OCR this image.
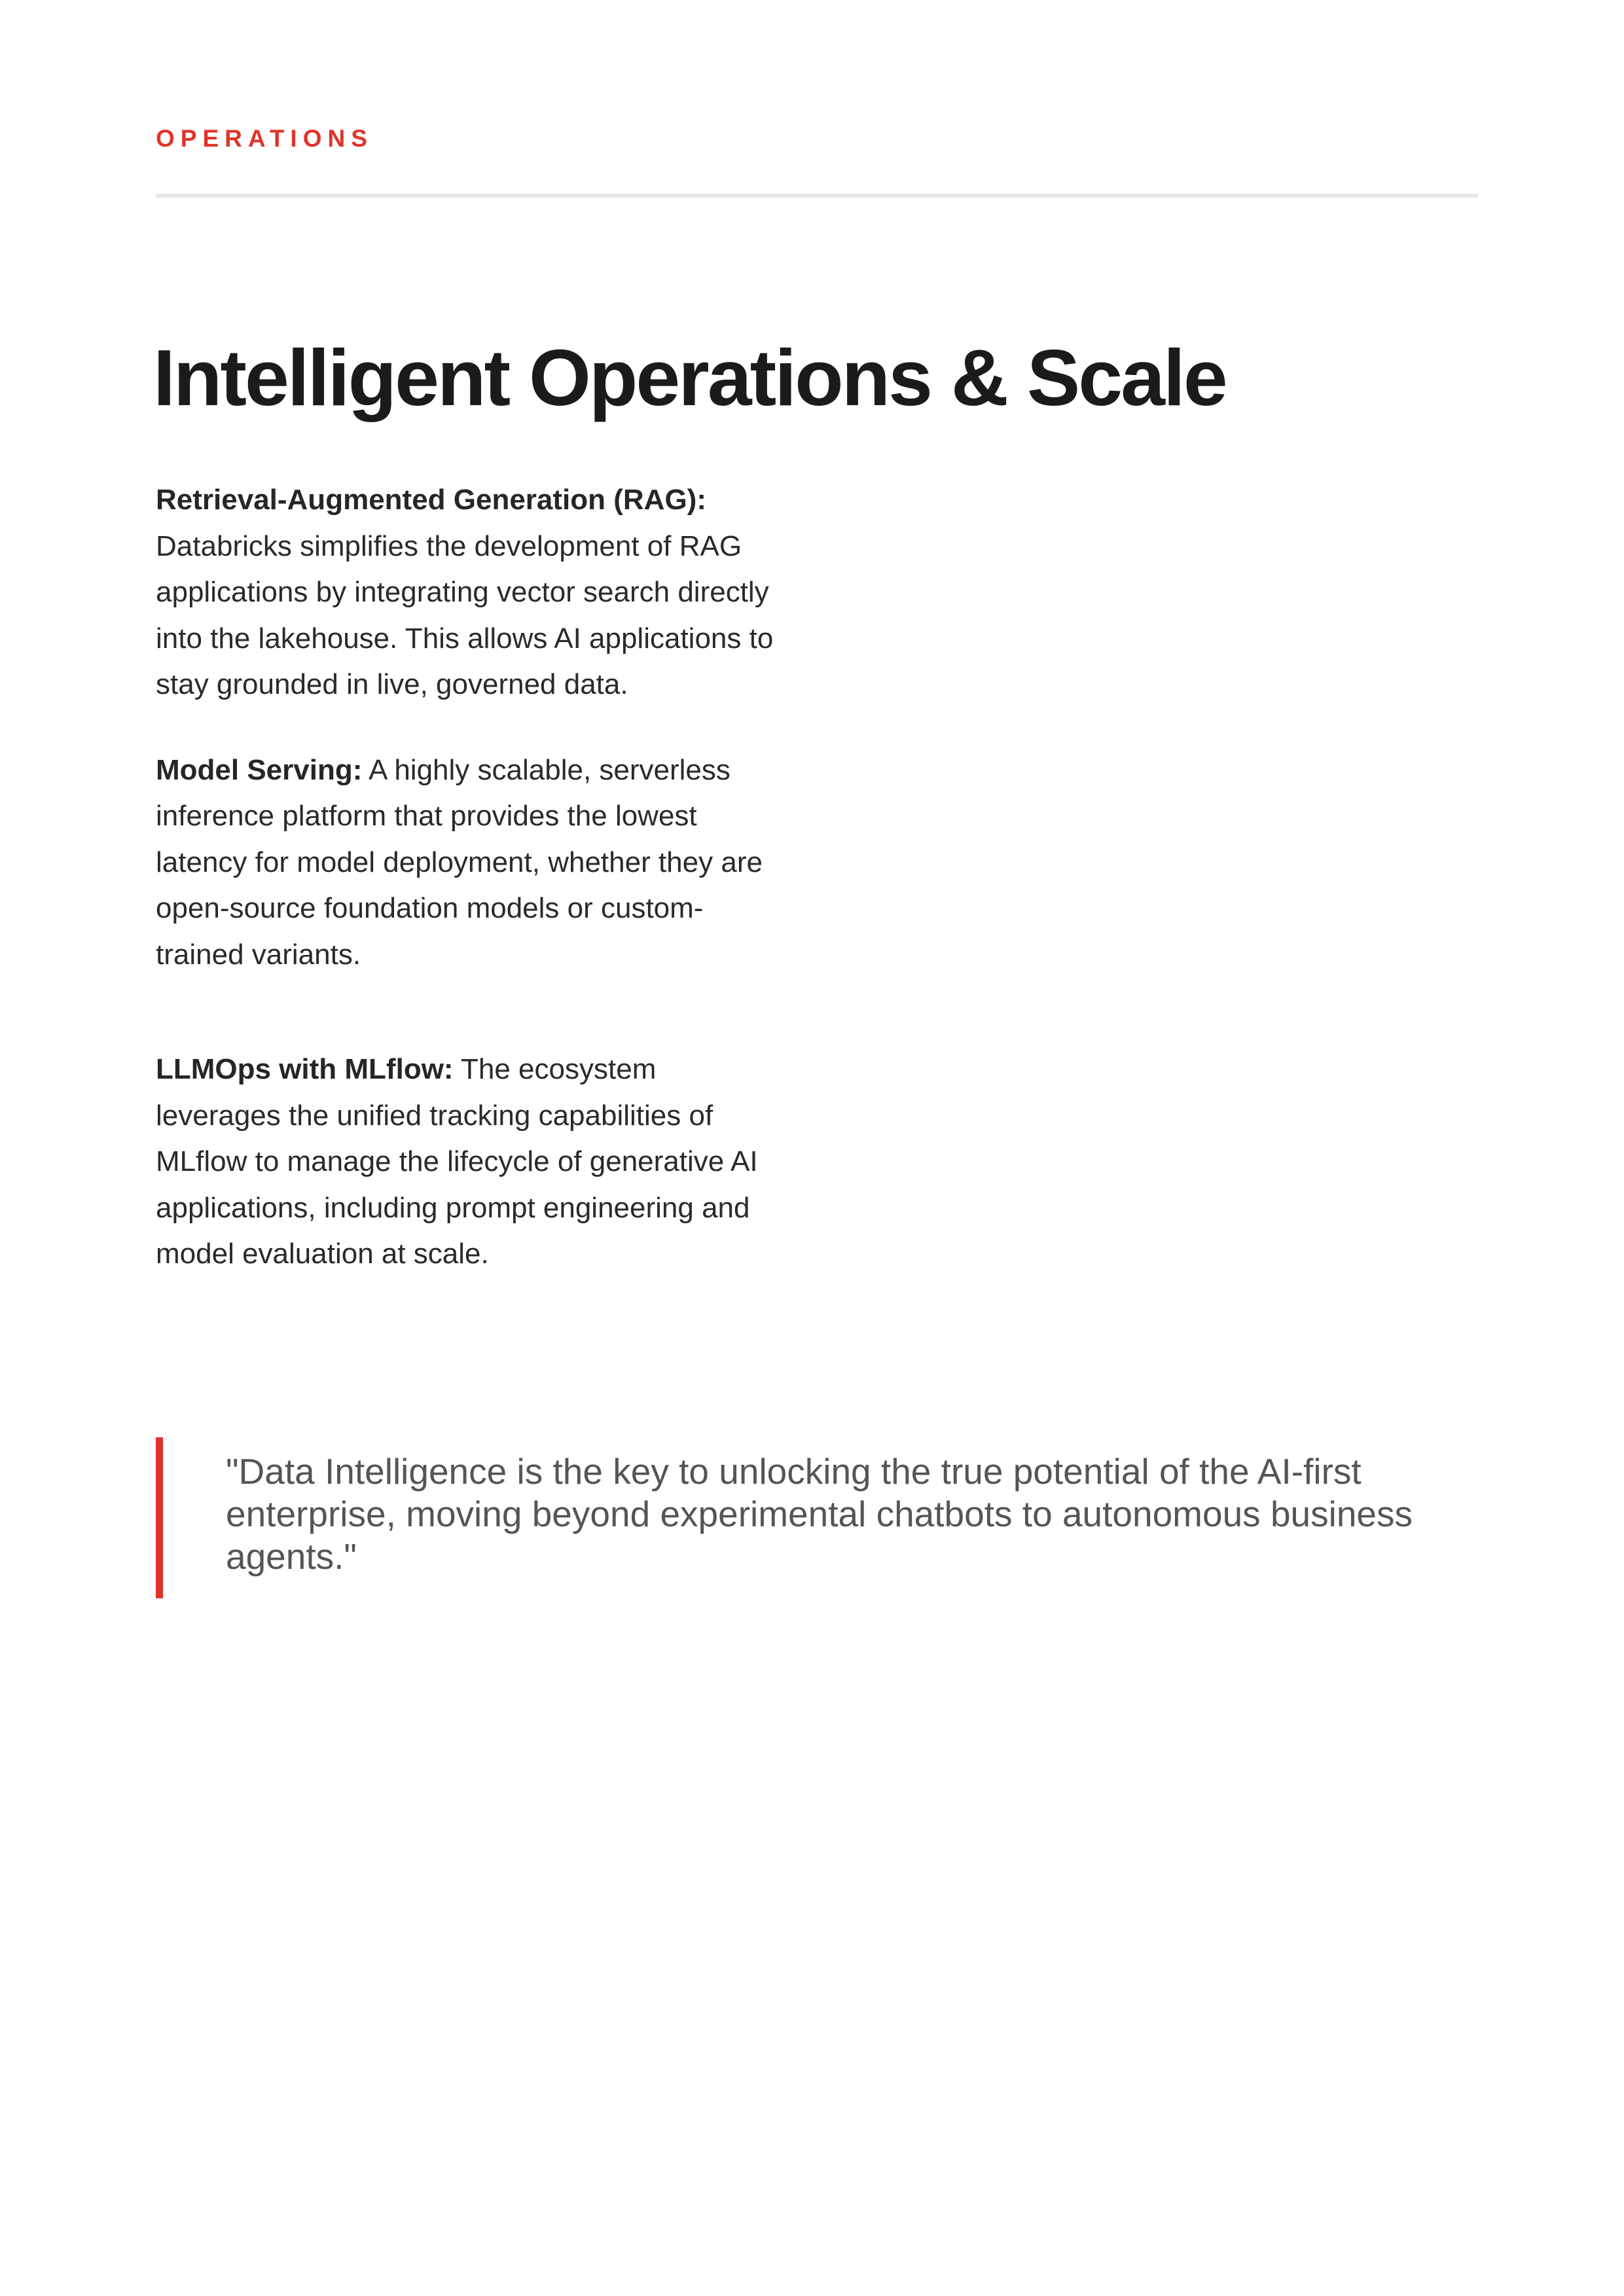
OPERATIONS
Intelligent Operations & Scale

Retrieval-Augmented Generation (RAG): Databricks simplifies the development of RAG applications by integrating vector search directly into the lakehouse. This allows AI applications to stay grounded in live, governed data.

Model Serving: A highly scalable, serverless inference platform that provides the lowest latency for model deployment, whether they are open-source foundation models or custom-trained variants.

LLMOps with MLflow: The ecosystem leverages the unified tracking capabilities of MLflow to manage the lifecycle of generative AI applications, including prompt engineering and model evaluation at scale.

"Data Intelligence is the key to unlocking the true potential of the AI-first enterprise, moving beyond experimental chatbots to autonomous business agents."
